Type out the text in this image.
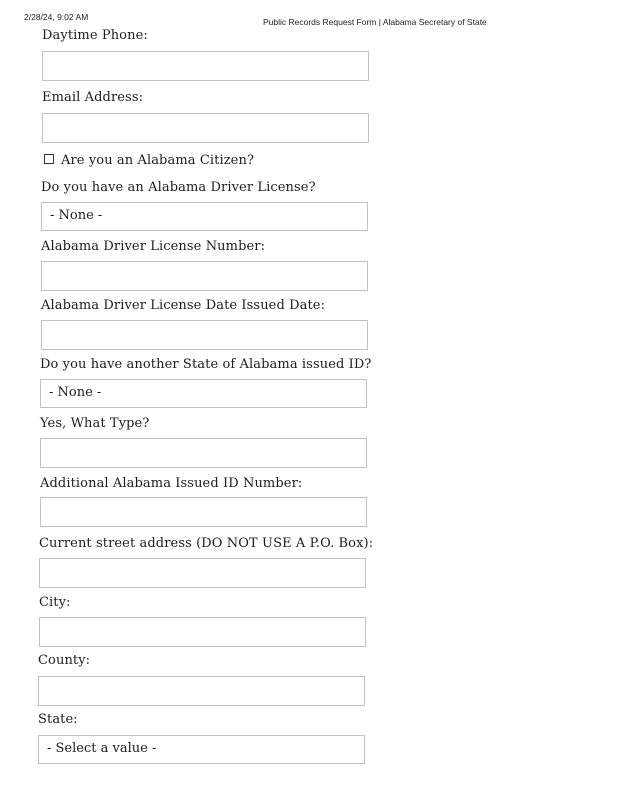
2/28/24, 9:02 AM	Public Records Request Form | Alabama Secretary of State
Daytime Phone:
Email Address:
Are you an Alabama Citizen?
Do you have an Alabama Driver License?
- None -
Alabama Driver License Number:
Alabama Driver License Date Issued Date:
Do you have another State of Alabama issued ID?
- None -
Yes, What Type?
Additional Alabama Issued ID Number:
Current street address (DO NOT USE A P.O. Box):
City:
County:
State:
- Select a value -
